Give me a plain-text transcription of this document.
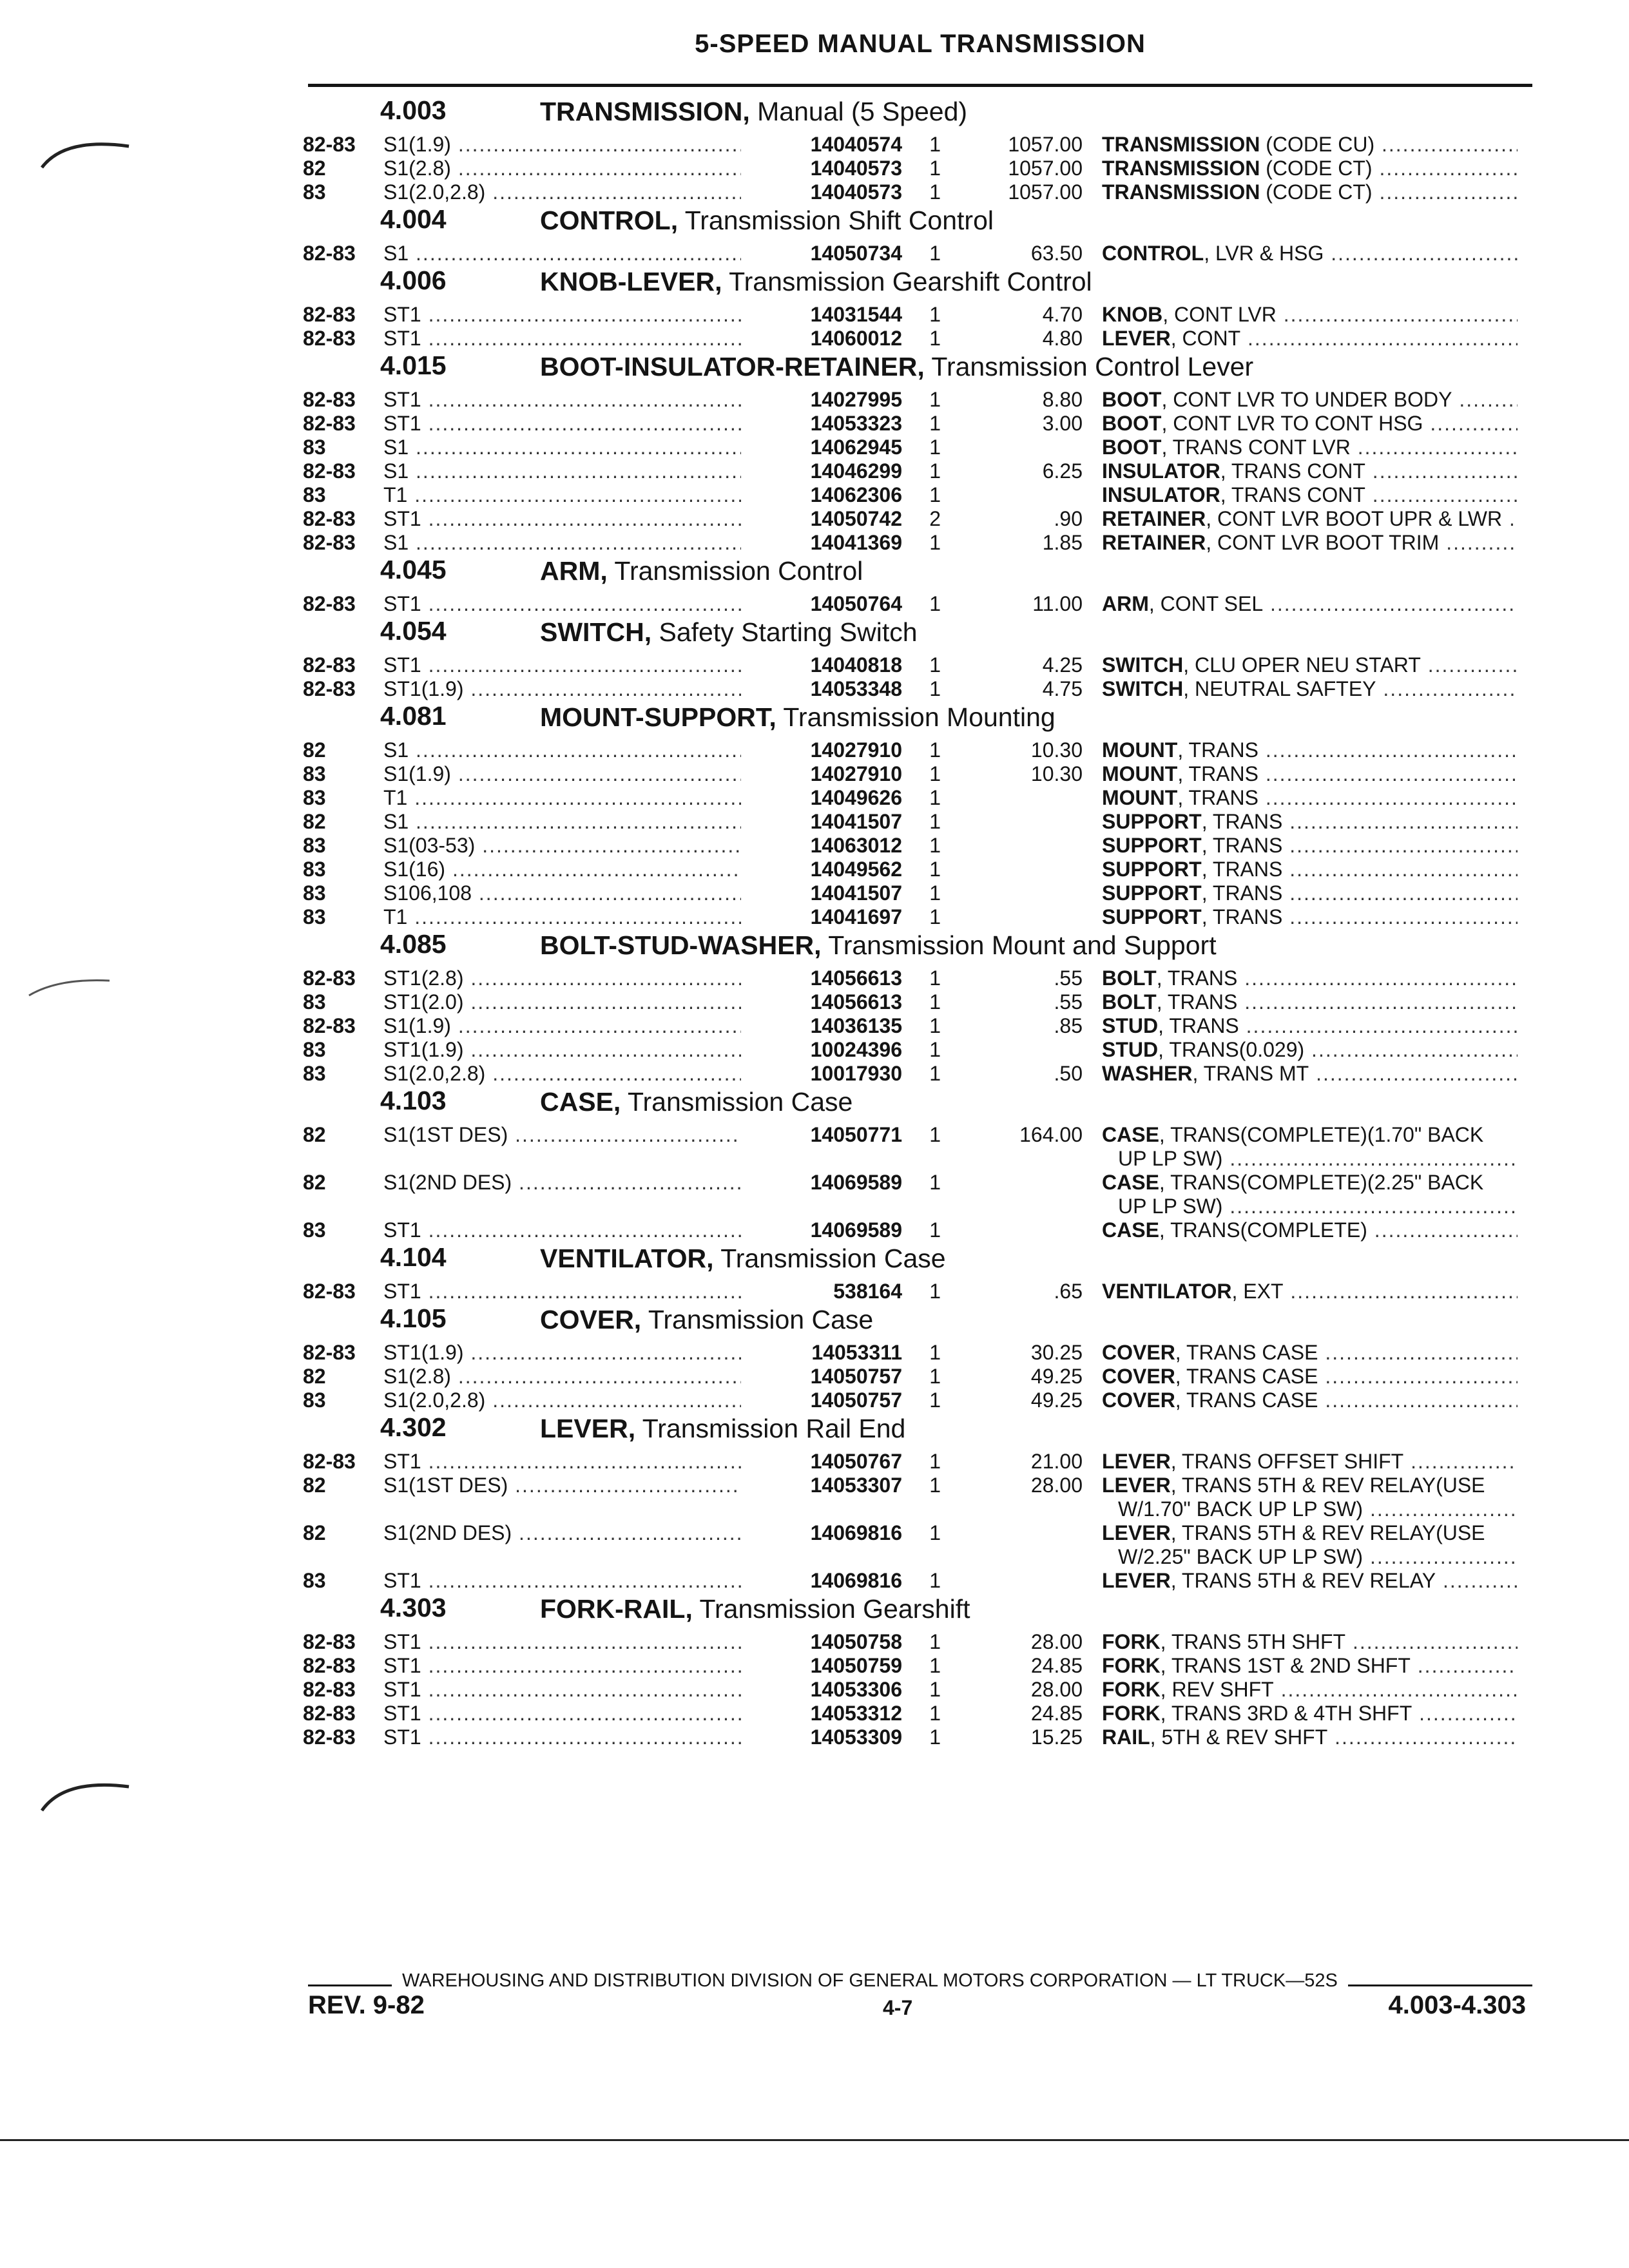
5-SPEED MANUAL TRANSMISSION
4.003	TRANSMISSION, Manual (5 Speed)
82-83 S1(1.9) .....	14040574	1	1057.00 TRANSMISSION (CODE CU) .....
82	S1(2.8) .....	14040573	1	1057.00 TRANSMISSION (CODE CT) .....
83	S1(2.0,2.8) .....	14040573	1	1057.00 TRANSMISSION (CODE CT) .....
4.004	CONTROL, Transmission Shift Control
82-83 S1 .....	14050734	1	63.50 CONTROL, LVR & HSG .....
4.006	KNOB-LEVER, Transmission Gearshift Control
82-83 ST1 .....	14031544	1	4.70 KNOB, CONT LVR .....
82-83 ST1 .....	14060012	1	4.80 LEVER, CONT .....
4.015	BOOT-INSULATOR-RETAINER, Transmission Control Lever
82-83 ST1 .....	14027995	1	8.80 BOOT, CONT LVR TO UNDER BODY .....
82-83 ST1 .....	14053323	1	3.00 BOOT, CONT LVR TO CONT HSG .....
83	S1 .....	14062945	1	BOOT, TRANS CONT LVR .....
82-83 S1 .....	14046299	1	6.25 INSULATOR, TRANS CONT .....
83	T1 .....	14062306	1	INSULATOR, TRANS CONT .....
82-83 ST1 .....	14050742	2	.90 RETAINER, CONT LVR BOOT UPR & LWR .....
82-83 S1 .....	14041369	1	1.85 RETAINER, CONT LVR BOOT TRIM .....
4.045	ARM, Transmission Control
82-83 ST1 .....	14050764	1	11.00 ARM, CONT SEL .....
4.054	SWITCH, Safety Starting Switch
82-83 ST1 .....	14040818	1	4.25 SWITCH, CLU OPER NEU START .....
82-83 ST1(1.9) .....	14053348	1	4.75 SWITCH, NEUTRAL SAFTEY .....
4.081	MOUNT-SUPPORT, Transmission Mounting
82	S1 .....	14027910	1	10.30 MOUNT, TRANS .....
83	S1(1.9) .....	14027910	1	10.30 MOUNT, TRANS .....
83	T1 .....	14049626	1	MOUNT, TRANS .....
82	S1 .....	14041507	1	SUPPORT, TRANS .....
83	S1(03-53) .....	14063012	1	SUPPORT, TRANS .....
83	S1(16) .....	14049562	1	SUPPORT, TRANS .....
83	S106,108 .....	14041507	1	SUPPORT, TRANS .....
83	T1 .....	14041697	1	SUPPORT, TRANS .....
4.085	BOLT-STUD-WASHER, Transmission Mount and Support
82-83 ST1(2.8) .....	14056613	1	.55 BOLT, TRANS .....
83	ST1(2.0) .....	14056613	1	.55 BOLT, TRANS .....
82-83 S1(1.9) .....	14036135	1	.85 STUD, TRANS .....
83	ST1(1.9) .....	10024396	1	STUD, TRANS(0.029) .....
83	S1(2.0,2.8) .....	10017930	1	.50 WASHER, TRANS MT .....
4.103	CASE, Transmission Case
82	S1(1ST DES) .....	14050771	1	164.00 CASE, TRANS(COMPLETE)(1.70" BACK
UP LP SW) .....
82	S1(2ND DES) .....	14069589	1	CASE, TRANS(COMPLETE)(2.25" BACK
UP LP SW) .....
83	ST1 .....	14069589	1	CASE, TRANS(COMPLETE) .....
4.104	VENTILATOR, Transmission Case
82-83 ST1 .....	538164	1	.65 VENTILATOR, EXT .....
4.105	COVER, Transmission Case
82-83 ST1(1.9) .....	14053311	1	30.25 COVER, TRANS CASE .....
82	S1(2.8) .....	14050757	1	49.25 COVER, TRANS CASE .....
83	S1(2.0,2.8) .....	14050757	1	49.25 COVER, TRANS CASE .....
4.302	LEVER, Transmission Rail End
82-83 ST1 .....	14050767	1	21.00 LEVER, TRANS OFFSET SHIFT .....
82	S1(1ST DES) .....	14053307	1	28.00 LEVER, TRANS 5TH & REV RELAY(USE
W/1.70" BACK UP LP SW) .....
82	S1(2ND DES) .....	14069816	1	LEVER, TRANS 5TH & REV RELAY(USE
W/2.25" BACK UP LP SW) .....
83	ST1 .....	14069816	1	LEVER, TRANS 5TH & REV RELAY .....
4.303	FORK-RAIL, Transmission Gearshift
82-83 ST1 .....	14050758	1	28.00 FORK, TRANS 5TH SHFT .....
82-83 ST1 .....	14050759	1	24.85 FORK, TRANS 1ST & 2ND SHFT .....
82-83 ST1 .....	14053306	1	28.00 FORK, REV SHFT .....
82-83 ST1 .....	14053312	1	24.85 FORK, TRANS 3RD & 4TH SHFT .....
82-83 ST1 .....	14053309	1	15.25 RAIL, 5TH & REV SHFT .....
WAREHOUSING AND DISTRIBUTION DIVISION OF GENERAL MOTORS CORPORATION — LT TRUCK—52S
REV. 9-82	4-7	4.003-4.303
